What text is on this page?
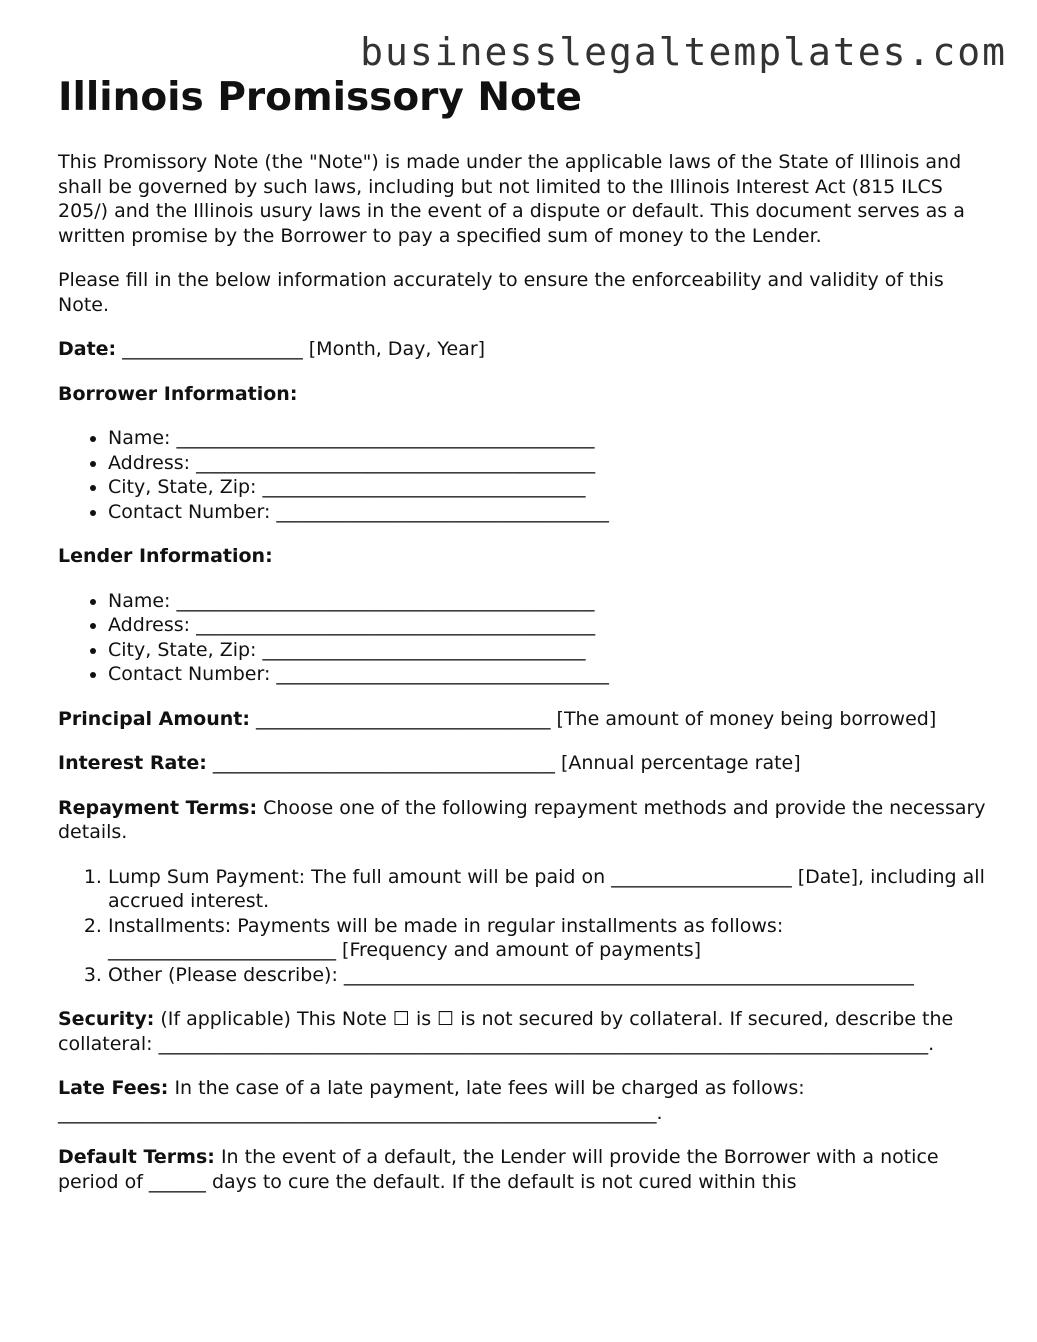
businesslegaltemplates.com
Illinois Promissory Note

This Promissory Note (the "Note") is made under the applicable laws of the State of Illinois and shall be governed by such laws, including but not limited to the Illinois Interest Act (815 ILCS 205/) and the Illinois usury laws in the event of a dispute or default. This document serves as a written promise by the Borrower to pay a specified sum of money to the Lender.

Please fill in the below information accurately to ensure the enforceability and validity of this Note.

Date: ___________________ [Month, Day, Year]

Borrower Information:

• Name: ____________________________________________
• Address: __________________________________________
• City, State, Zip: __________________________________
• Contact Number: ___________________________________

Lender Information:

• Name: ____________________________________________
• Address: __________________________________________
• City, State, Zip: __________________________________
• Contact Number: ___________________________________

Principal Amount: _______________________________ [The amount of money being borrowed]

Interest Rate: ____________________________________ [Annual percentage rate]

Repayment Terms: Choose one of the following repayment methods and provide the necessary details.

1. Lump Sum Payment: The full amount will be paid on ___________________ [Date], including all accrued interest.
2. Installments: Payments will be made in regular installments as follows: ________________________ [Frequency and amount of payments]
3. Other (Please describe): ____________________________________________________________

Security: (If applicable) This Note ☐ is ☐ is not secured by collateral. If secured, describe the collateral: _________________________________________________________________________________.

Late Fees: In the case of a late payment, late fees will be charged as follows: _______________________________________________________________.

Default Terms: In the event of a default, the Lender will provide the Borrower with a notice period of ______ days to cure the default. If the default is not cured within this
